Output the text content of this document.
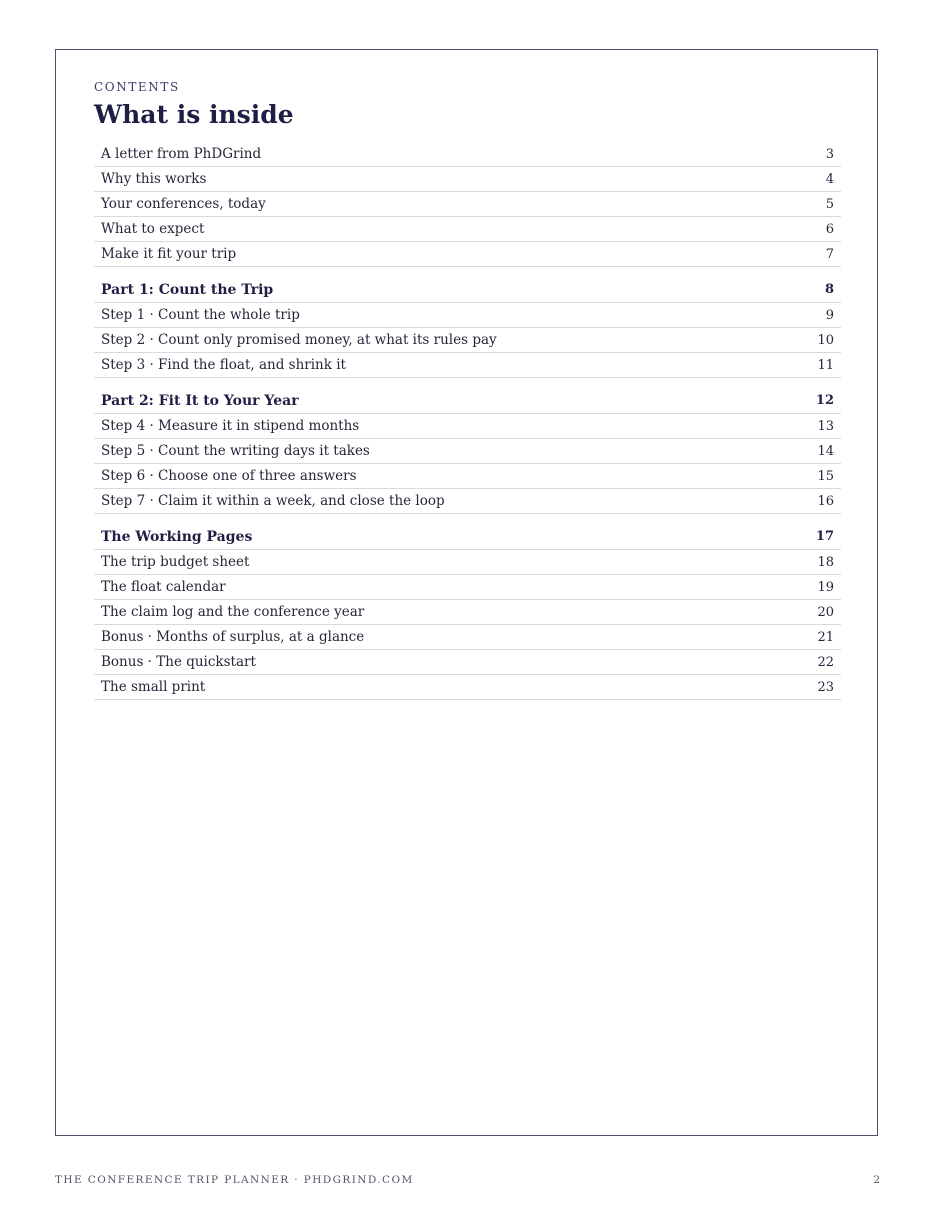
CONTENTS
What is inside
A letter from PhDGrind	3
Why this works	4
Your conferences, today	5
What to expect	6
Make it fit your trip	7
Part 1: Count the Trip	8
Step 1 · Count the whole trip	9
Step 2 · Count only promised money, at what its rules pay	10
Step 3 · Find the float, and shrink it	11
Part 2: Fit It to Your Year	12
Step 4 · Measure it in stipend months	13
Step 5 · Count the writing days it takes	14
Step 6 · Choose one of three answers	15
Step 7 · Claim it within a week, and close the loop	16
The Working Pages	17
The trip budget sheet	18
The float calendar	19
The claim log and the conference year	20
Bonus · Months of surplus, at a glance	21
Bonus · The quickstart	22
The small print	23
THE CONFERENCE TRIP PLANNER · PHDGRIND.COM	2
